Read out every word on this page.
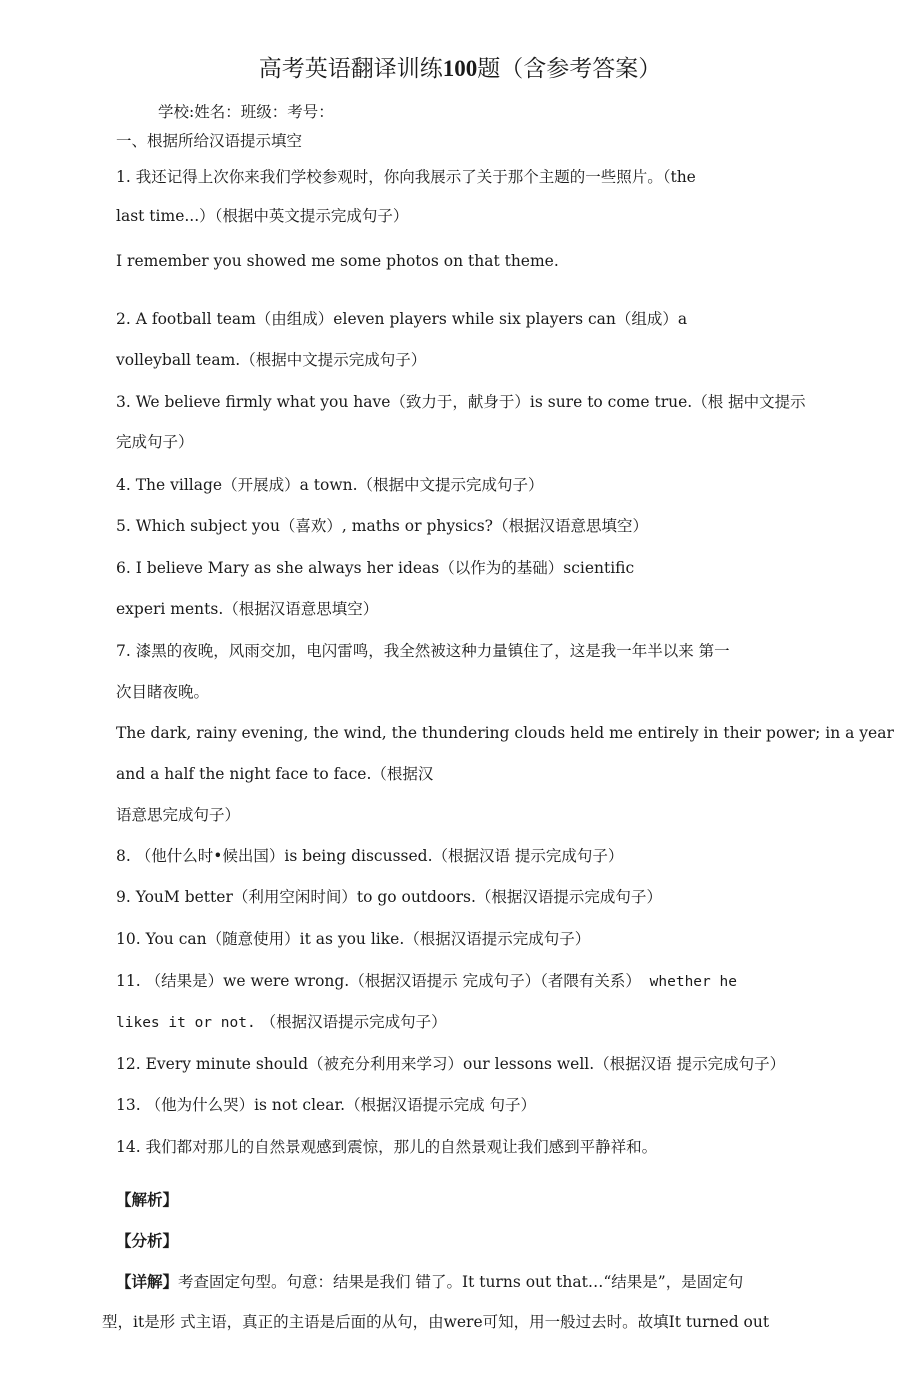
高考英语翻译训练100题（含参考答案）
学校:姓名：班级：考号：
一、根据所给汉语提示填空
1. 我还记得上次你来我们学校参观时，你向我展示了关于那个主题的一些照片。（the
last time...）（根据中英文提示完成句子）
I remember you showed me some photos on that theme.
2. A football team（由组成）eleven players while six players can（组成）a
volleyball team.（根据中文提示完成句子）
3. We believe firmly what you have（致力于，献身于）is sure to come true.（根 据中文提示
完成句子）
4. The village（开展成）a town.（根据中文提示完成句子）
5. Which subject you（喜欢）, maths or physics?（根据汉语意思填空）
6. I believe Mary as she always her ideas（以作为的基础）scientific
experi ments.（根据汉语意思填空）
7. 漆黑的夜晚，风雨交加，电闪雷鸣，我全然被这种力量镇住了，这是我一年半以来 第一
次目睹夜晚。
The dark, rainy evening, the wind, the thundering clouds held me entirely in their power; in a year
and a half the night face to face.（根据汉
语意思完成句子）
8. （他什么时•候出国）is being discussed.（根据汉语 提示完成句子）
9. YouM better（利用空闲时间）to go outdoors.（根据汉语提示完成句子）
10. You can（随意使用）it as you like.（根据汉语提示完成句子）
11. （结果是）we were wrong.（根据汉语提示 完成句子）（者隈有关系） whether he
likes it or not. （根据汉语提示完成句子）
12. Every minute should（被充分利用来学习）our lessons well.（根据汉语 提示完成句子）
13. （他为什么哭）is not clear.（根据汉语提示完成 句子）
14. 我们都对那儿的自然景观感到震惊，那儿的自然景观让我们感到平静祥和。
【解析】
【分析】
【详解】考查固定句型。句意：结果是我们 错了。It turns out that…“结果是”，是固定句
型，it是形 式主语，真正的主语是后面的从句，由were可知，用一般过去时。故填It turned out
